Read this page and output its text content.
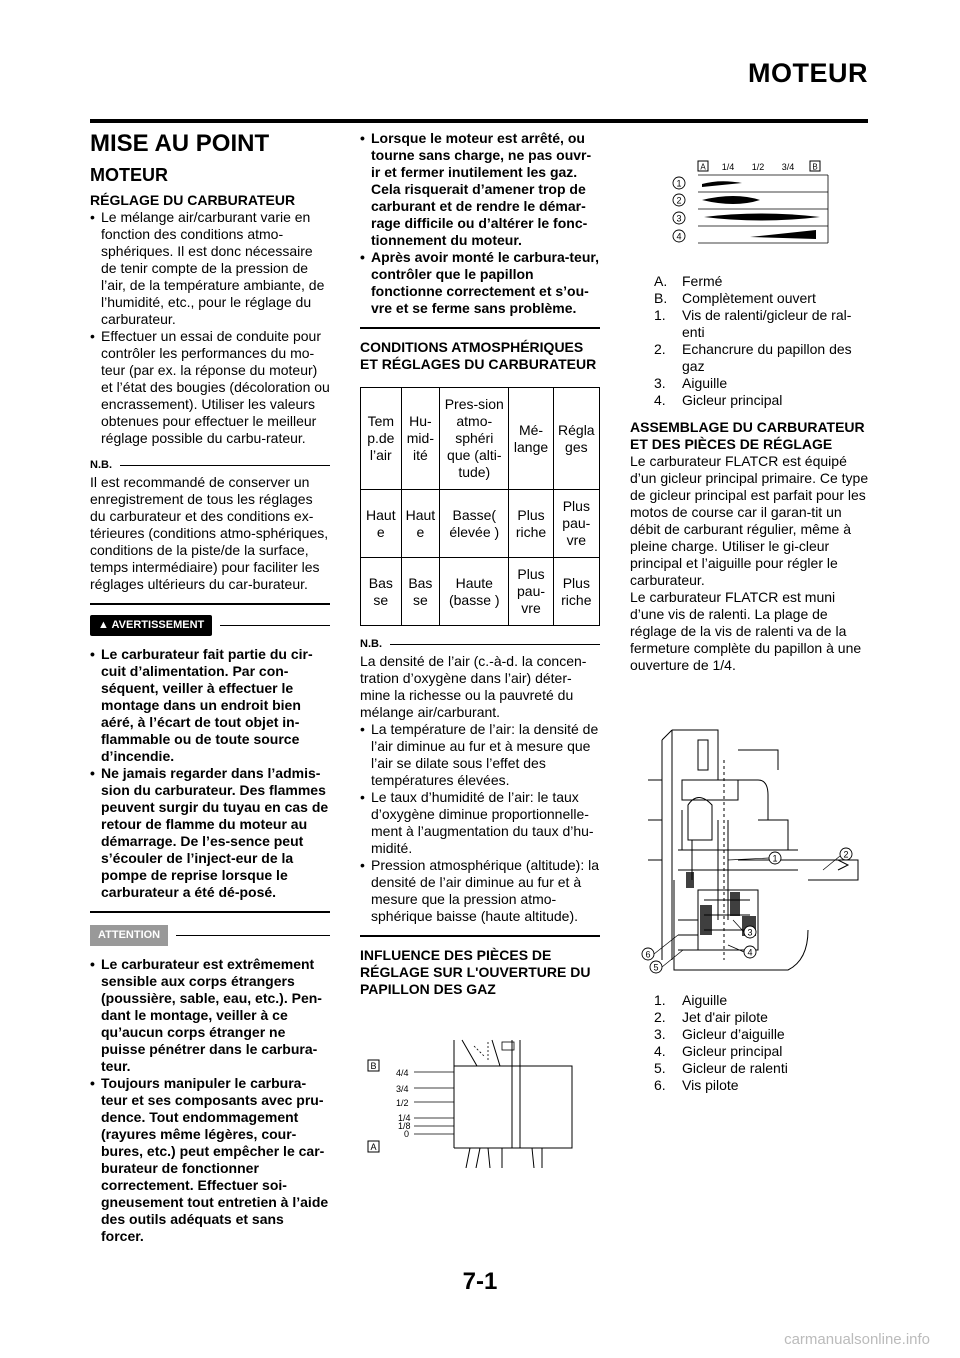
MOTEUR
MISE AU POINT
MOTEUR
RÉGLAGE DU CARBURATEUR
• Le mélange air/carburant varie en fonction des conditions atmo-sphériques. Il est donc nécessaire de tenir compte de la pression de l’air, de la température ambiante, de l’humidité, etc., pour le réglage du carburateur.
• Effectuer un essai de conduite pour contrôler les performances du mo-teur (par ex. la réponse du moteur) et l’état des bougies (décoloration ou encrassement). Utiliser les valeurs obtenues pour effectuer le meilleur réglage possible du carbu-rateur.
N.B.

Il est recommandé de conserver un enregistrement de tous les réglages du carburateur et des conditions ex-térieures (conditions atmo-sphériques, conditions de la piste/de la surface, temps intermédiaire) pour faciliter les réglages ultérieurs du car-burateur.

▲ AVERTISSEMENT
• Le carburateur fait partie du cir-cuit d’alimentation. Par con-séquent, veiller à effectuer le montage dans un endroit bien aéré, à l’écart de tout objet in-flammable ou de toute source d’incendie.
• Ne jamais regarder dans l’admis-sion du carburateur. Des flammes peuvent surgir du tuyau en cas de retour de flamme du moteur au démarrage. De l’es-sence peut s’écouler de l’inject-eur de la pompe de reprise lorsque le carburateur a été dé-posé.
ATTENTION
• Le carburateur est extrêmement sensible aux corps étrangers (poussière, sable, eau, etc.). Pen-dant le montage, veiller à ce qu’aucun corps étranger ne puisse pénétrer dans le carbura-teur.
• Toujours manipuler le carbura-teur et ses composants avec pru-dence. Tout endommagement (rayures même légères, cour-bures, etc.) peut empêcher le car-burateur de fonctionner correctement. Effectuer soi-gneusement tout entretien à l’aide des outils adéquats et sans forcer.
• Lorsque le moteur est arrêté, ou tourne sans charge, ne pas ouvr-ir et fermer inutilement les gaz. Cela risquerait d’amener trop de carburant et de rendre le démar-rage difficile ou d’altérer le fonc-tionnement du moteur.
• Après avoir monté le carbura-teur, contrôler que le papillon fonctionne correctement et s’ou-vre et se ferme sans problème.
CONDITIONS ATMOSPHÉRIQUES ET RÉGLAGES DU CARBURATEUR
Tem p.de l’air	Hu-mid-ité	Pres-sion atmo-sphéri que (alti-tude)	Mé-lange	Régla ges
Haut e	Haut e	Basse( élevée )	Plus riche	Plus pau-vre
Bas se	Bas se	Haute (basse )	Plus pau-vre	Plus riche
N.B.

La densité de l’air (c.-à-d. la concen-tration d’oxygène dans l’air) déter-mine la richesse ou la pauvreté du mélange air/carburant.

• La température de l’air: la densité de l’air diminue au fur et à mesure que l’air se dilate sous l’effet des températures élevées.
• Le taux d’humidité de l’air: le taux d’oxygène diminue proportionnelle-ment à l’augmentation du taux d’hu-midité.
• Pression atmosphérique (altitude): la densité de l’air diminue au fur et à mesure que la pression atmo-sphérique baisse (haute altitude).
INFLUENCE DES PIÈCES DE RÉGLAGE SUR L'OUVERTURE DU PAPILLON DES GAZ
B
A
4/4
3/4
1/2
1/4
1/8
0
A 1/4 1/2 3/4 B
1
2
3
4
A. Fermé
B. Complètement ouvert
1. Vis de ralenti/gicleur de ral-enti
2. Echancrure du papillon des gaz
3. Aiguille
4. Gicleur principal
ASSEMBLAGE DU CARBURATEUR ET DES PIÈCES DE RÉGLAGE

Le carburateur FLATCR est équipé d’un gicleur principal primaire. Ce type de gicleur principal est parfait pour les motos de course car il garan-tit un débit de carburant régulier, même à pleine charge. Utiliser le gi-cleur principal et l’aiguille pour régler le carburateur.

Le carburateur FLATCR est muni d’une vis de ralenti. La plage de réglage de la vis de ralenti va de la fermeture complète du papillon à une ouverture de 1/4.

1	2
3
4
5
6
1. Aiguille
2. Jet d'air pilote
3. Gicleur d’aiguille
4. Gicleur principal
5. Gicleur de ralenti
6. Vis pilote
7-1
carmanualsonline.info
